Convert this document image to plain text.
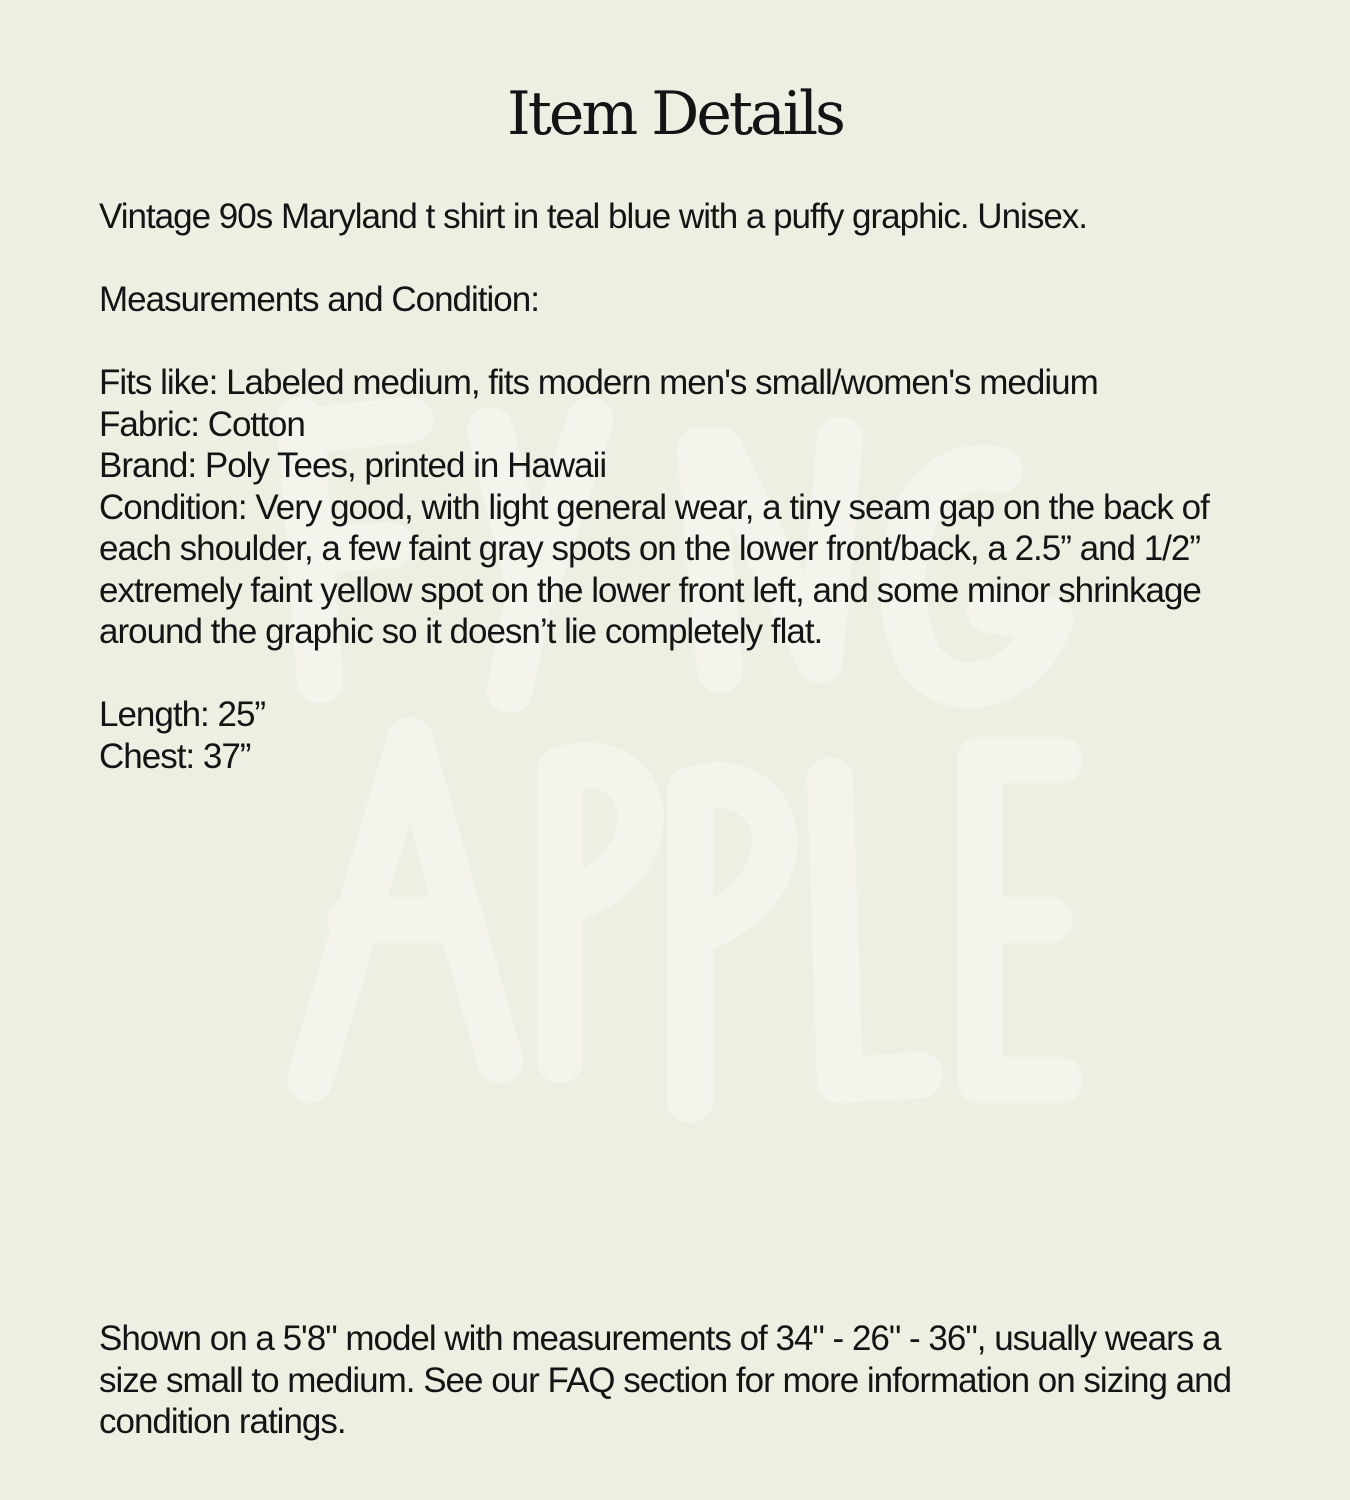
Item Details

Vintage 90s Maryland t shirt in teal blue with a puffy graphic. Unisex.

Measurements and Condition:

Fits like: Labeled medium, fits modern men's small/women's medium

Fabric: Cotton

Brand: Poly Tees, printed in Hawaii

Condition: Very good, with light general wear, a tiny seam gap on the back of each shoulder, a few faint gray spots on the lower front/back, a 2.5” and 1/2” extremely faint yellow spot on the lower front left, and some minor shrinkage around the graphic so it doesn’t lie completely flat.

Length: 25”

Chest: 37”

Shown on a 5'8" model with measurements of 34" - 26" - 36", usually wears a size small to medium. See our FAQ section for more information on sizing and condition ratings.
